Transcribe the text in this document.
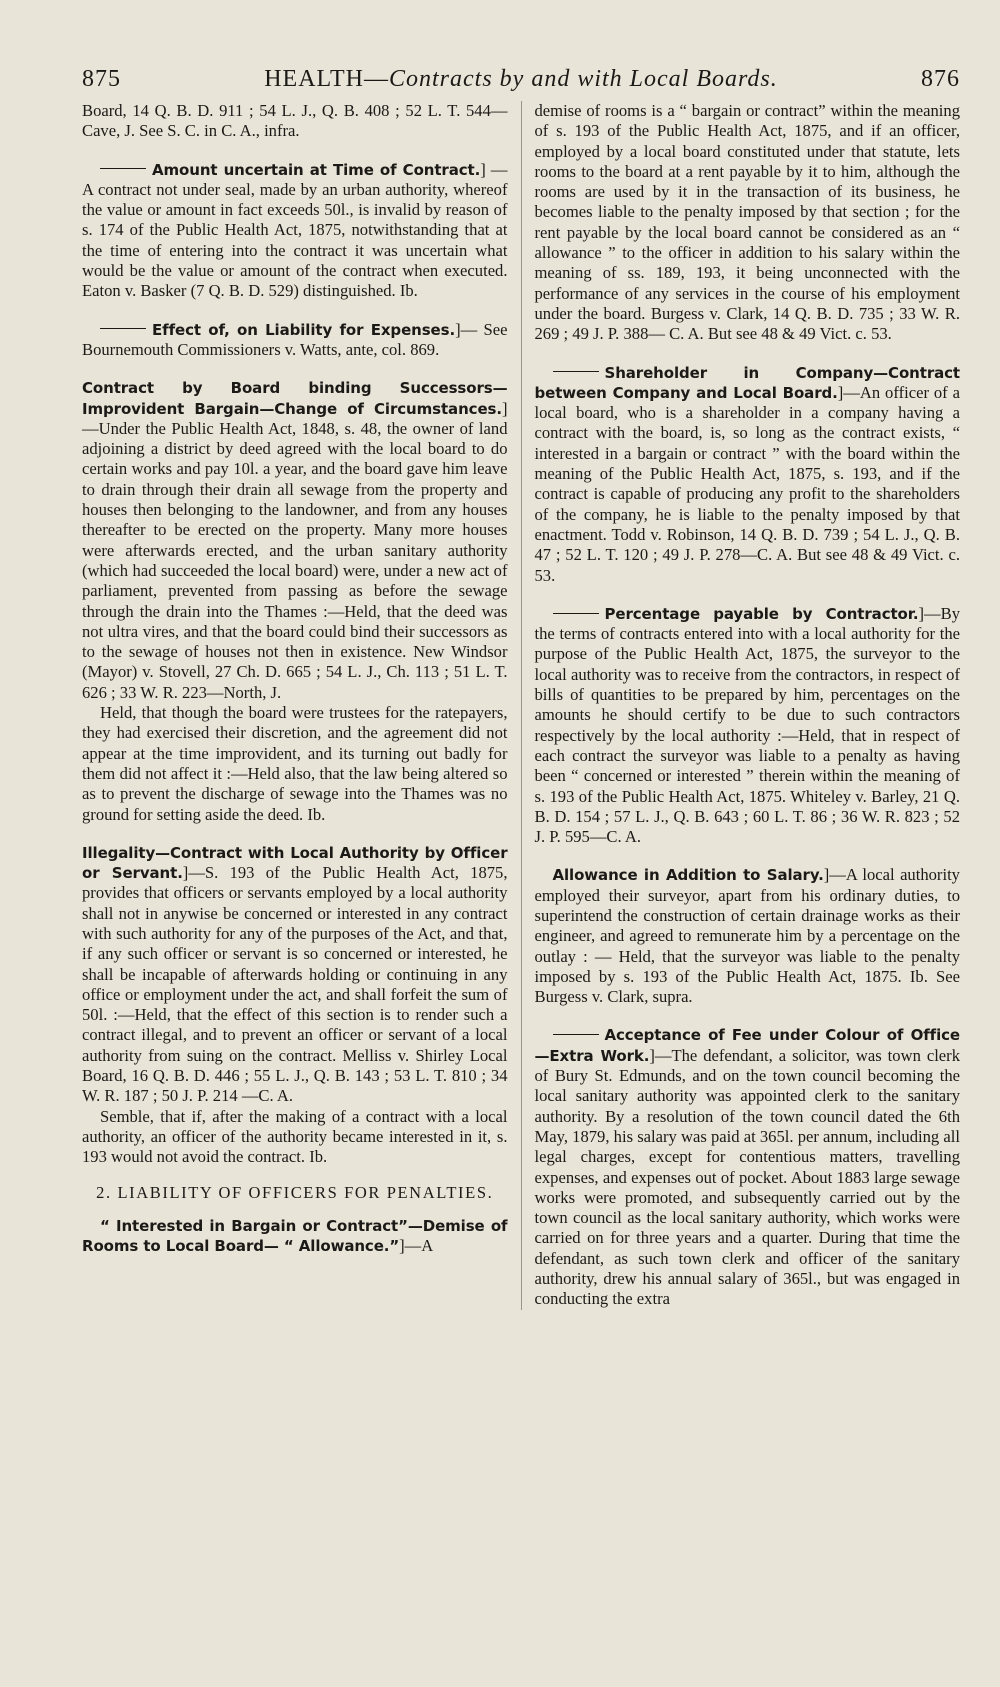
875	HEALTH—Contracts by and with Local Boards.	876

Board, 14 Q. B. D. 911 ; 54 L. J., Q. B. 408 ; 52 L. T. 544—Cave, J. See S. C. in C. A., infra.

Amount uncertain at Time of Contract.] —A contract not under seal, made by an urban authority, whereof the value or amount in fact exceeds 50l., is invalid by reason of s. 174 of the Public Health Act, 1875, notwithstanding that at the time of entering into the contract it was uncertain what would be the value or amount of the contract when executed. Eaton v. Basker (7 Q. B. D. 529) distinguished. Ib.

Effect of, on Liability for Expenses.]— See Bournemouth Commissioners v. Watts, ante, col. 869.

Contract by Board binding Successors—Improvident Bargain—Change of Circumstances.] —Under the Public Health Act, 1848, s. 48, the owner of land adjoining a district by deed agreed with the local board to do certain works and pay 10l. a year, and the board gave him leave to drain through their drain all sewage from the property and houses then belonging to the landowner, and from any houses thereafter to be erected on the property. Many more houses were afterwards erected, and the urban sanitary authority (which had succeeded the local board) were, under a new act of parliament, prevented from passing as before the sewage through the drain into the Thames :—Held, that the deed was not ultra vires, and that the board could bind their successors as to the sewage of houses not then in existence. New Windsor (Mayor) v. Stovell, 27 Ch. D. 665 ; 54 L. J., Ch. 113 ; 51 L. T. 626 ; 33 W. R. 223—North, J.

Held, that though the board were trustees for the ratepayers, they had exercised their discretion, and the agreement did not appear at the time improvident, and its turning out badly for them did not affect it :—Held also, that the law being altered so as to prevent the discharge of sewage into the Thames was no ground for setting aside the deed. Ib.

Illegality—Contract with Local Authority by Officer or Servant.]—S. 193 of the Public Health Act, 1875, provides that officers or servants employed by a local authority shall not in anywise be concerned or interested in any contract with such authority for any of the purposes of the Act, and that, if any such officer or servant is so concerned or interested, he shall be incapable of afterwards holding or continuing in any office or employment under the act, and shall forfeit the sum of 50l. :—Held, that the effect of this section is to render such a contract illegal, and to prevent an officer or servant of a local authority from suing on the contract. Melliss v. Shirley Local Board, 16 Q. B. D. 446 ; 55 L. J., Q. B. 143 ; 53 L. T. 810 ; 34 W. R. 187 ; 50 J. P. 214 —C. A.

Semble, that if, after the making of a contract with a local authority, an officer of the authority became interested in it, s. 193 would not avoid the contract. Ib.

2. LIABILITY OF OFFICERS FOR PENALTIES.

“ Interested in Bargain or Contract”—Demise of Rooms to Local Board— “ Allowance.”]—A

demise of rooms is a “ bargain or contract” within the meaning of s. 193 of the Public Health Act, 1875, and if an officer, employed by a local board constituted under that statute, lets rooms to the board at a rent payable by it to him, although the rooms are used by it in the transaction of its business, he becomes liable to the penalty imposed by that section ; for the rent payable by the local board cannot be considered as an “ allowance ” to the officer in addition to his salary within the meaning of ss. 189, 193, it being unconnected with the performance of any services in the course of his employment under the board. Burgess v. Clark, 14 Q. B. D. 735 ; 33 W. R. 269 ; 49 J. P. 388— C. A. But see 48 & 49 Vict. c. 53.

Shareholder in Company—Contract between Company and Local Board.]—An officer of a local board, who is a shareholder in a company having a contract with the board, is, so long as the contract exists, “ interested in a bargain or contract ” with the board within the meaning of the Public Health Act, 1875, s. 193, and if the contract is capable of producing any profit to the shareholders of the company, he is liable to the penalty imposed by that enactment. Todd v. Robinson, 14 Q. B. D. 739 ; 54 L. J., Q. B. 47 ; 52 L. T. 120 ; 49 J. P. 278—C. A. But see 48 & 49 Vict. c. 53.

Percentage payable by Contractor.]—By the terms of contracts entered into with a local authority for the purpose of the Public Health Act, 1875, the surveyor to the local authority was to receive from the contractors, in respect of bills of quantities to be prepared by him, percentages on the amounts he should certify to be due to such contractors respectively by the local authority :—Held, that in respect of each contract the surveyor was liable to a penalty as having been “ concerned or interested ” therein within the meaning of s. 193 of the Public Health Act, 1875. Whiteley v. Barley, 21 Q. B. D. 154 ; 57 L. J., Q. B. 643 ; 60 L. T. 86 ; 36 W. R. 823 ; 52 J. P. 595—C. A.

Allowance in Addition to Salary.]—A local authority employed their surveyor, apart from his ordinary duties, to superintend the construction of certain drainage works as their engineer, and agreed to remunerate him by a percentage on the outlay : — Held, that the surveyor was liable to the penalty imposed by s. 193 of the Public Health Act, 1875. Ib. See Burgess v. Clark, supra.

Acceptance of Fee under Colour of Office —Extra Work.]—The defendant, a solicitor, was town clerk of Bury St. Edmunds, and on the town council becoming the local sanitary authority was appointed clerk to the sanitary authority. By a resolution of the town council dated the 6th May, 1879, his salary was paid at 365l. per annum, including all legal charges, except for contentious matters, travelling expenses, and expenses out of pocket. About 1883 large sewage works were promoted, and subsequently carried out by the town council as the local sanitary authority, which works were carried on for three years and a quarter. During that time the defendant, as such town clerk and officer of the sanitary authority, drew his annual salary of 365l., but was engaged in conducting the extra
